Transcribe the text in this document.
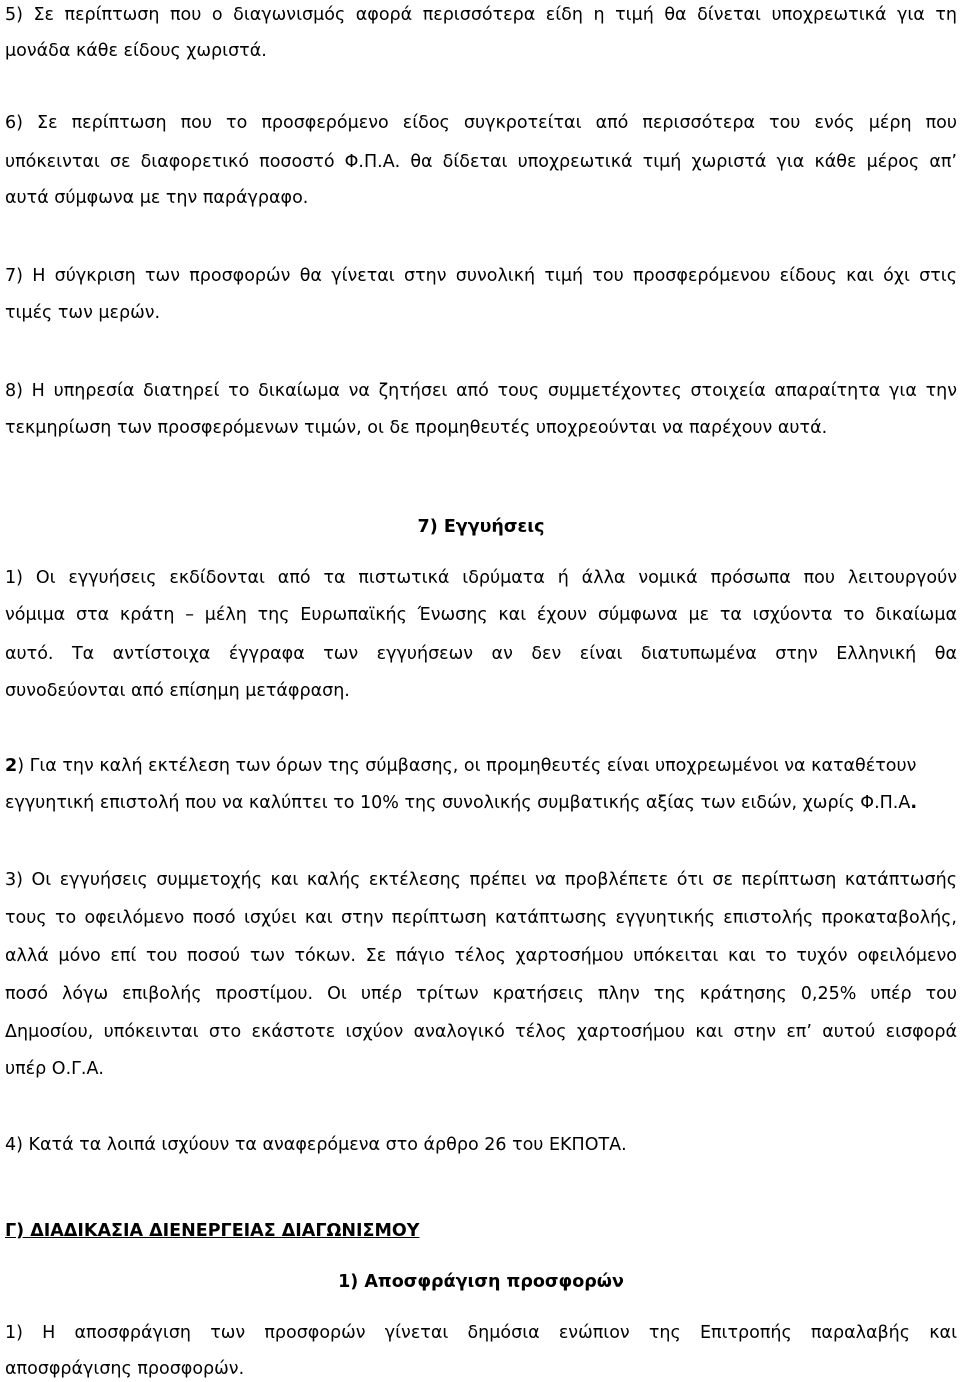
5) Σε περίπτωση που ο διαγωνισμός αφορά περισσότερα είδη η τιμή θα δίνεται υποχρεωτικά για τη
μονάδα κάθε είδους χωριστά.
6) Σε περίπτωση που το προσφερόμενο είδος συγκροτείται από περισσότερα του ενός μέρη που
υπόκεινται σε διαφορετικό ποσοστό Φ.Π.Α. θα δίδεται υποχρεωτικά τιμή χωριστά για κάθε μέρος απ’
αυτά σύμφωνα με την παράγραφο.
7) Η σύγκριση των προσφορών θα γίνεται στην συνολική τιμή του προσφερόμενου είδους και όχι στις
τιμές των μερών.
8) Η υπηρεσία διατηρεί το δικαίωμα να ζητήσει από τους συμμετέχοντες στοιχεία απαραίτητα για την
τεκμηρίωση των προσφερόμενων τιμών, οι δε προμηθευτές υποχρεούνται να παρέχουν αυτά.
7) Εγγυήσεις
1) Οι εγγυήσεις εκδίδονται από τα πιστωτικά ιδρύματα ή άλλα νομικά πρόσωπα που λειτουργούν
νόμιμα στα κράτη – μέλη της Ευρωπαϊκής Ένωσης και έχουν σύμφωνα με τα ισχύοντα το δικαίωμα
αυτό. Τα αντίστοιχα έγγραφα των εγγυήσεων αν δεν είναι διατυπωμένα στην Ελληνική θα
συνοδεύονται από επίσημη μετάφραση.
2) Για την καλή εκτέλεση των όρων της σύμβασης, οι προμηθευτές είναι υποχρεωμένοι να καταθέτουν
εγγυητική επιστολή που να καλύπτει το 10% της συνολικής συμβατικής αξίας των ειδών, χωρίς Φ.Π.Α.
3) Οι εγγυήσεις συμμετοχής και καλής εκτέλεσης πρέπει να προβλέπετε ότι σε περίπτωση κατάπτωσής
τους το οφειλόμενο ποσό ισχύει και στην περίπτωση κατάπτωσης εγγυητικής επιστολής προκαταβολής,
αλλά μόνο επί του ποσού των τόκων. Σε πάγιο τέλος χαρτοσήμου υπόκειται και το τυχόν οφειλόμενο
ποσό λόγω επιβολής προστίμου. Οι υπέρ τρίτων κρατήσεις πλην της κράτησης 0,25% υπέρ του
Δημοσίου, υπόκεινται στο εκάστοτε ισχύον αναλογικό τέλος χαρτοσήμου και στην επ’ αυτού εισφορά
υπέρ Ο.Γ.Α.
4) Κατά τα λοιπά ισχύουν τα αναφερόμενα στο άρθρο 26 του ΕΚΠΟΤΑ.
Γ) ΔΙΑΔΙΚΑΣΙΑ ΔΙΕΝΕΡΓΕΙΑΣ ΔΙΑΓΩΝΙΣΜΟΥ
1) Αποσφράγιση προσφορών
1) Η αποσφράγιση των προσφορών γίνεται δημόσια ενώπιον της Επιτροπής παραλαβής και
αποσφράγισης προσφορών.
